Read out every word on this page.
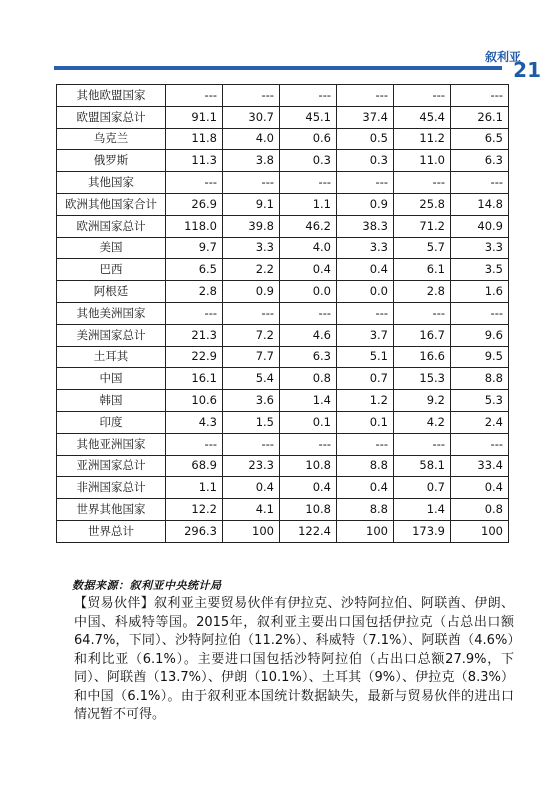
叙利亚
21
其他欧盟国家	---	---	---	---	---	---
欧盟国家总计	91.1	30.7	45.1	37.4	45.4	26.1
乌克兰	11.8	4.0	0.6	0.5	11.2	6.5
俄罗斯	11.3	3.8	0.3	0.3	11.0	6.3
其他国家	---	---	---	---	---	---
欧洲其他国家合计	26.9	9.1	1.1	0.9	25.8	14.8
欧洲国家总计	118.0	39.8	46.2	38.3	71.2	40.9
美国	9.7	3.3	4.0	3.3	5.7	3.3
巴西	6.5	2.2	0.4	0.4	6.1	3.5
阿根廷	2.8	0.9	0.0	0.0	2.8	1.6
其他美洲国家	---	---	---	---	---	---
美洲国家总计	21.3	7.2	4.6	3.7	16.7	9.6
土耳其	22.9	7.7	6.3	5.1	16.6	9.5
中国	16.1	5.4	0.8	0.7	15.3	8.8
韩国	10.6	3.6	1.4	1.2	9.2	5.3
印度	4.3	1.5	0.1	0.1	4.2	2.4
其他亚洲国家	---	---	---	---	---	---
亚洲国家总计	68.9	23.3	10.8	8.8	58.1	33.4
非洲国家总计	1.1	0.4	0.4	0.4	0.7	0.4
世界其他国家	12.2	4.1	10.8	8.8	1.4	0.8
世界总计	296.3	100	122.4	100	173.9	100
数据来源：叙利亚中央统计局
【贸易伙伴】叙利亚主要贸易伙伴有伊拉克、沙特阿拉伯、阿联酋、伊朗、中国、科威特等国。2015年，叙利亚主要出口国包括伊拉克（占总出口额64.7%，下同）、沙特阿拉伯（11.2%）、科威特（7.1%）、阿联酋（4.6%）和利比亚（6.1%）。主要进口国包括沙特阿拉伯（占出口总额27.9%，下同）、阿联酋（13.7%）、伊朗（10.1%）、土耳其（9%）、伊拉克（8.3%）和中国（6.1%）。由于叙利亚本国统计数据缺失，最新与贸易伙伴的进出口情况暂不可得。
